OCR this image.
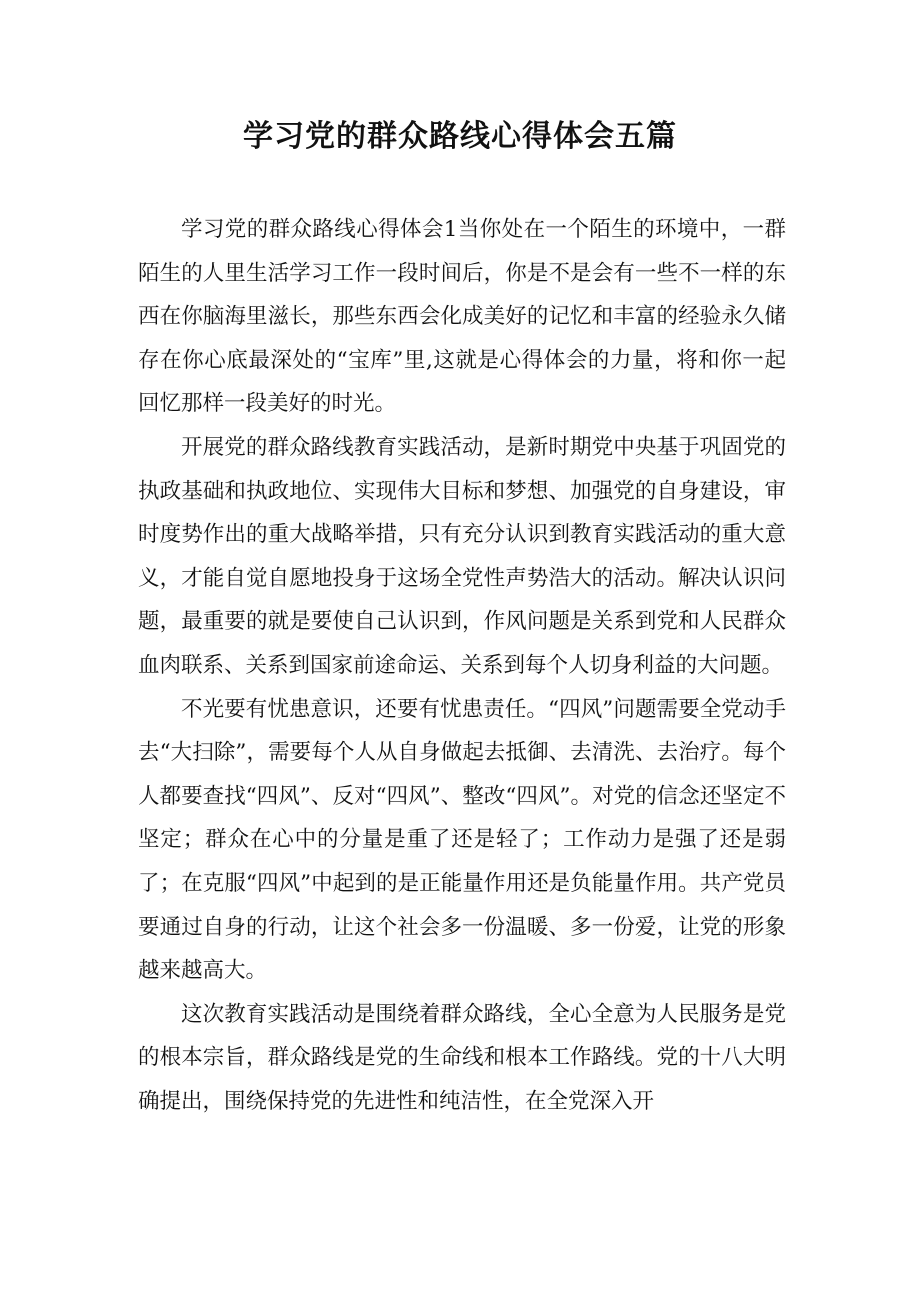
学习党的群众路线心得体会五篇

学习党的群众路线心得体会1当你处在一个陌生的环境中，一群陌生的人里生活学习工作一段时间后，你是不是会有一些不一样的东西在你脑海里滋长，那些东西会化成美好的记忆和丰富的经验永久储存在你心底最深处的“宝库”里,这就是心得体会的力量，将和你一起回忆那样一段美好的时光。

开展党的群众路线教育实践活动，是新时期党中央基于巩固党的执政基础和执政地位、实现伟大目标和梦想、加强党的自身建设，审时度势作出的重大战略举措，只有充分认识到教育实践活动的重大意义，才能自觉自愿地投身于这场全党性声势浩大的活动。解决认识问题，最重要的就是要使自己认识到，作风问题是关系到党和人民群众血肉联系、关系到国家前途命运、关系到每个人切身利益的大问题。

不光要有忧患意识，还要有忧患责任。“四风”问题需要全党动手去“大扫除”，需要每个人从自身做起去抵御、去清洗、去治疗。每个人都要查找“四风”、反对“四风”、整改“四风”。对党的信念还坚定不坚定；群众在心中的分量是重了还是轻了；工作动力是强了还是弱了；在克服“四风”中起到的是正能量作用还是负能量作用。共产党员要通过自身的行动，让这个社会多一份温暖、多一份爱，让党的形象越来越高大。

这次教育实践活动是围绕着群众路线，全心全意为人民服务是党的根本宗旨，群众路线是党的生命线和根本工作路线。党的十八大明确提出，围绕保持党的先进性和纯洁性，在全党深入开
